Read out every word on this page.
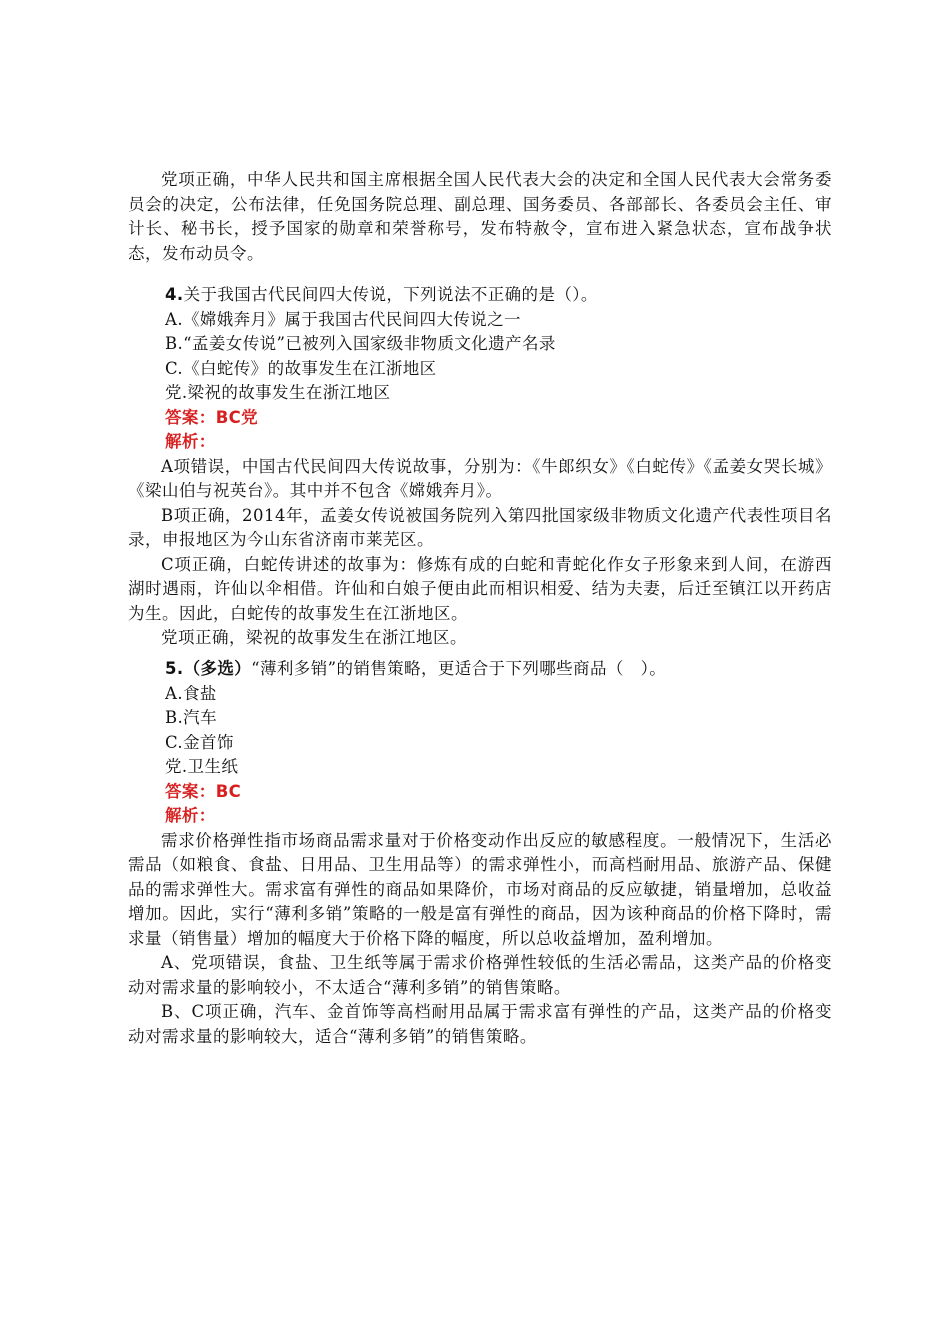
党项正确，中华人民共和国主席根据全国人民代表大会的决定和全国人民代表大会常务委员会的决定，公布法律，任免国务院总理、副总理、国务委员、各部部长、各委员会主任、审计长、秘书长，授予国家的勋章和荣誉称号，发布特赦令，宣布进入紧急状态，宣布战争状态，发布动员令。

4.关于我国古代民间四大传说，下列说法不正确的是（）。

A.《嫦娥奔月》属于我国古代民间四大传说之一

B.“孟姜女传说”已被列入国家级非物质文化遗产名录

C.《白蛇传》的故事发生在江浙地区

党.梁祝的故事发生在浙江地区

答案：BC党

解析：

A项错误，中国古代民间四大传说故事，分别为：《牛郎织女》《白蛇传》《孟姜女哭长城》《梁山伯与祝英台》。其中并不包含《嫦娥奔月》。

B项正确，2014年，孟姜女传说被国务院列入第四批国家级非物质文化遗产代表性项目名录，申报地区为今山东省济南市莱芜区。

C项正确，白蛇传讲述的故事为：修炼有成的白蛇和青蛇化作女子形象来到人间，在游西湖时遇雨，许仙以伞相借。许仙和白娘子便由此而相识相爱、结为夫妻，后迁至镇江以开药店为生。因此，白蛇传的故事发生在江浙地区。

党项正确，梁祝的故事发生在浙江地区。

5.（多选）“薄利多销”的销售策略，更适合于下列哪些商品（　）。

A.食盐

B.汽车

C.金首饰

党.卫生纸

答案：BC

解析：

需求价格弹性指市场商品需求量对于价格变动作出反应的敏感程度。一般情况下，生活必需品（如粮食、食盐、日用品、卫生用品等）的需求弹性小，而高档耐用品、旅游产品、保健品的需求弹性大。需求富有弹性的商品如果降价，市场对商品的反应敏捷，销量增加，总收益增加。因此，实行“薄利多销”策略的一般是富有弹性的商品，因为该种商品的价格下降时，需求量（销售量）增加的幅度大于价格下降的幅度，所以总收益增加，盈利增加。

A、党项错误，食盐、卫生纸等属于需求价格弹性较低的生活必需品，这类产品的价格变动对需求量的影响较小，不太适合“薄利多销”的销售策略。

B、C项正确，汽车、金首饰等高档耐用品属于需求富有弹性的产品，这类产品的价格变动对需求量的影响较大，适合“薄利多销”的销售策略。
